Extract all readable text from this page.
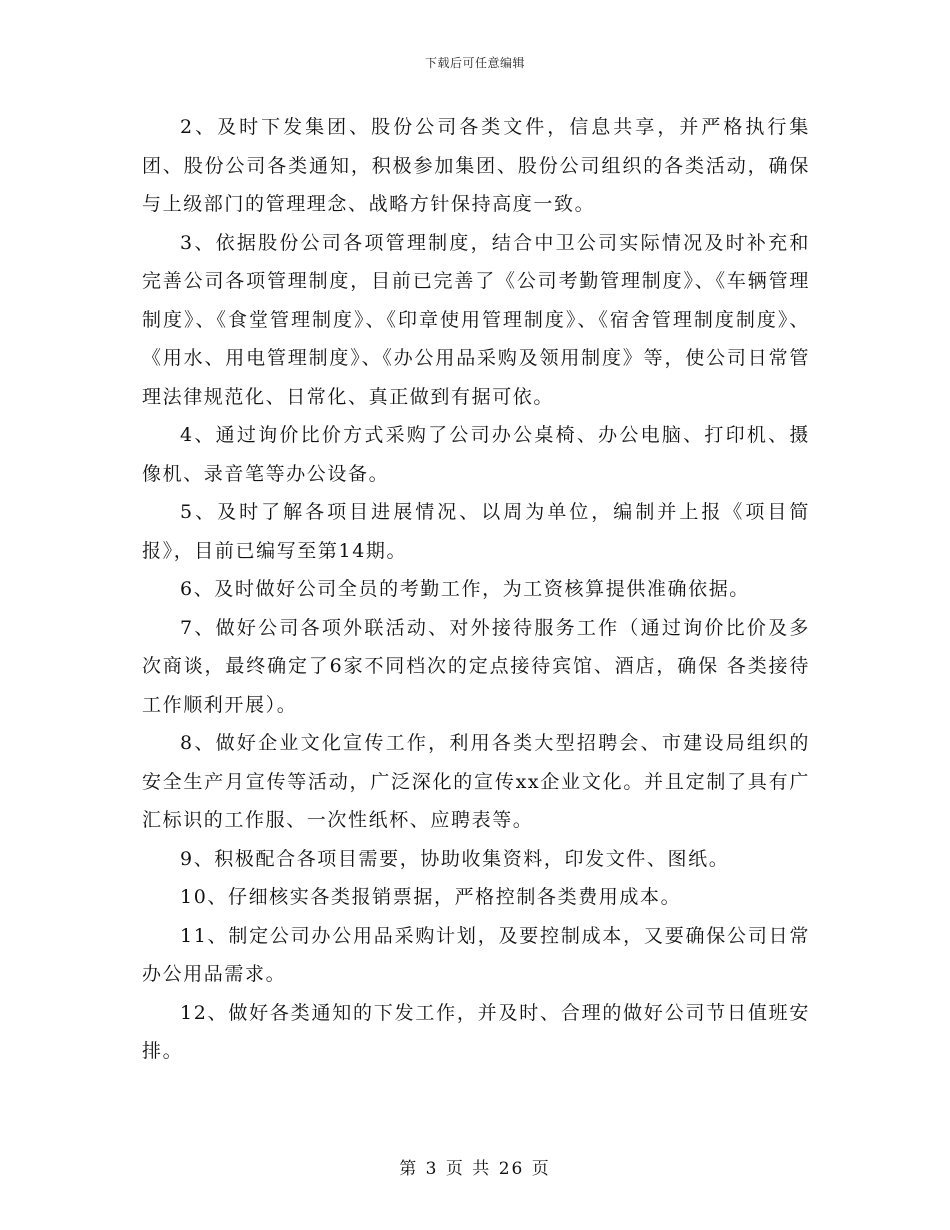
下载后可任意编辑

2、及时下发集团、股份公司各类文件，信息共享，并严格执行集团、股份公司各类通知，积极参加集团、股份公司组织的各类活动，确保与上级部门的管理理念、战略方针保持高度一致。

3、依据股份公司各项管理制度，结合中卫公司实际情况及时补充和完善公司各项管理制度，目前已完善了《公司考勤管理制度》、《车辆管理制度》、《食堂管理制度》、《印章使用管理制度》、《宿舍管理制度制度》、《用水、用电管理制度》、《办公用品采购及领用制度》等，使公司日常管理法律规范化、日常化、真正做到有据可依。

4、通过询价比价方式采购了公司办公桌椅、办公电脑、打印机、摄像机、录音笔等办公设备。

5、及时了解各项目进展情况、以周为单位，编制并上报《项目简报》，目前已编写至第14期。

6、及时做好公司全员的考勤工作，为工资核算提供准确依据。

7、做好公司各项外联活动、对外接待服务工作（通过询价比价及多次商谈，最终确定了6家不同档次的定点接待宾馆、酒店，确保 各类接待工作顺利开展）。

8、做好企业文化宣传工作，利用各类大型招聘会、市建设局组织的安全生产月宣传等活动，广泛深化的宣传xx企业文化。并且定制了具有广汇标识的工作服、一次性纸杯、应聘表等。

9、积极配合各项目需要，协助收集资料，印发文件、图纸。

10、仔细核实各类报销票据，严格控制各类费用成本。

11、制定公司办公用品采购计划，及要控制成本，又要确保公司日常办公用品需求。

12、做好各类通知的下发工作，并及时、合理的做好公司节日值班安排。

第 3 页 共 26 页
